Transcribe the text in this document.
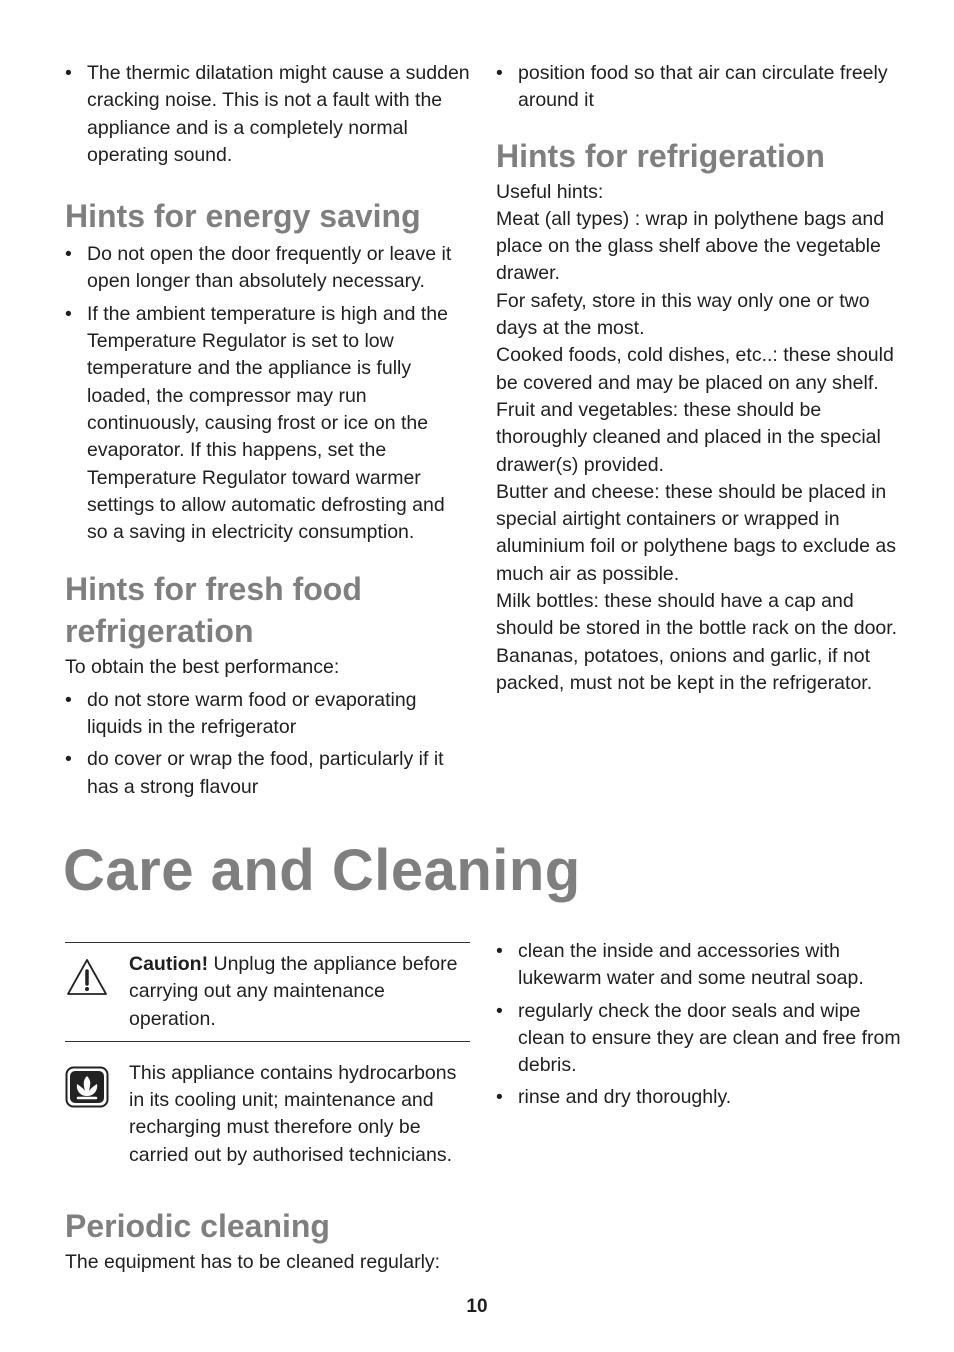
• The thermic dilatation might cause a sudden cracking noise. This is not a fault with the appliance and is a completely normal operating sound.
Hints for energy saving
• Do not open the door frequently or leave it open longer than absolutely necessary.
• If the ambient temperature is high and the Temperature Regulator is set to low temperature and the appliance is fully loaded, the compressor may run continuously, causing frost or ice on the evaporator. If this happens, set the Temperature Regulator toward warmer settings to allow automatic defrosting and so a saving in electricity consumption.
Hints for fresh food refrigeration

To obtain the best performance:

• do not store warm food or evaporating liquids in the refrigerator
• do cover or wrap the food, particularly if it has a strong flavour
• position food so that air can circulate freely around it
Hints for refrigeration

Useful hints:

Meat (all types) : wrap in polythene bags and place on the glass shelf above the vegetable drawer.

For safety, store in this way only one or two days at the most.

Cooked foods, cold dishes, etc..: these should be covered and may be placed on any shelf.

Fruit and vegetables: these should be thoroughly cleaned and placed in the special drawer(s) provided.

Butter and cheese: these should be placed in special airtight containers or wrapped in aluminium foil or polythene bags to exclude as much air as possible.

Milk bottles: these should have a cap and should be stored in the bottle rack on the door.

Bananas, potatoes, onions and garlic, if not packed, must not be kept in the refrigerator.

Care and Cleaning
Caution! Unplug the appliance before carrying out any maintenance operation.
This appliance contains hydrocarbons in its cooling unit; maintenance and recharging must therefore only be carried out by authorised technicians.
Periodic cleaning

The equipment has to be cleaned regularly:

• clean the inside and accessories with lukewarm water and some neutral soap.
• regularly check the door seals and wipe clean to ensure they are clean and free from debris.
• rinse and dry thoroughly.
10
